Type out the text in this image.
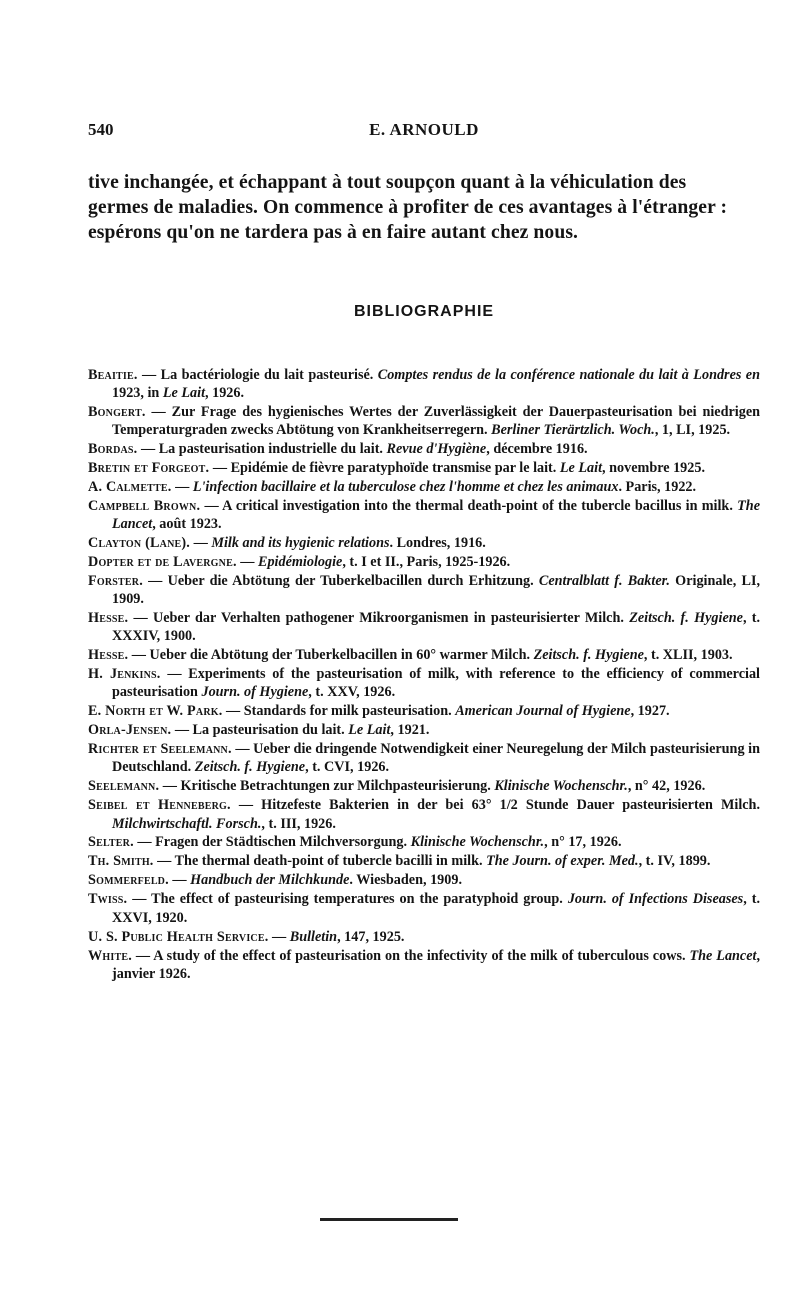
540	E. ARNOULD
tive inchangée, et échappant à tout soupçon quant à la véhiculation des
germes de maladies. On commence à profiter de ces avantages à l'étranger :
espérons qu'on ne tardera pas à en faire autant chez nous.
BIBLIOGRAPHIE
Beaitie. — La bactériologie du lait pasteurisé. Comptes rendus de la conférence nationale du lait à Londres en 1923, in Le Lait, 1926.
Bongert. — Zur Frage des hygienisches Wertes der Zuverlässigkeit der Dauerpasteurisation bei niedrigen Temperaturgraden zwecks Abtötung von Krankheitserregern. Berliner Tierärtzlich. Woch., 1, LI, 1925.
Bordas. — La pasteurisation industrielle du lait. Revue d'Hygiène, décembre 1916.
Bretin et Forgeot. — Epidémie de fièvre paratyphoïde transmise par le lait. Le Lait, novembre 1925.
A. Calmette. — L'infection bacillaire et la tuberculose chez l'homme et chez les animaux. Paris, 1922.
Campbell Brown. — A critical investigation into the thermal death-point of the tubercle bacillus in milk. The Lancet, août 1923.
Clayton (Lane). — Milk and its hygienic relations. Londres, 1916.
Dopter et de Lavergne. — Epidémiologie, t. I et II., Paris, 1925-1926.
Forster. — Ueber die Abtötung der Tuberkelbacillen durch Erhitzung. Centralblatt f. Bakter. Originale, LI, 1909.
Hesse. — Ueber dar Verhalten pathogener Mikroorganismen in pasteurisierter Milch. Zeitsch. f. Hygiene, t. XXXIV, 1900.
Hesse. — Ueber die Abtötung der Tuberkelbacillen in 60° warmer Milch. Zeitsch. f. Hygiene, t. XLII, 1903.
H. Jenkins. — Experiments of the pasteurisation of milk, with reference to the efficiency of commercial pasteurisation Journ. of Hygiene, t. XXV, 1926.
E. North et W. Park. — Standards for milk pasteurisation. American Journal of Hygiene, 1927.
Orla-Jensen. — La pasteurisation du lait. Le Lait, 1921.
Richter et Seelemann. — Ueber die dringende Notwendigkeit einer Neuregelung der Milch pasteurisierung in Deutschland. Zeitsch. f. Hygiene, t. CVI, 1926.
Seelemann. — Kritische Betrachtungen zur Milchpasteurisierung. Klinische Wochenschr., n° 42, 1926.
Seibel et Henneberg. — Hitzefeste Bakterien in der bei 63° 1/2 Stunde Dauer pasteurisierten Milch. Milchwirtschaftl. Forsch., t. III, 1926.
Selter. — Fragen der Städtischen Milchversorgung. Klinische Wochenschr., n° 17, 1926.
Th. Smith. — The thermal death-point of tubercle bacilli in milk. The Journ. of exper. Med., t. IV, 1899.
Sommerfeld. — Handbuch der Milchkunde. Wiesbaden, 1909.
Twiss. — The effect of pasteurising temperatures on the paratyphoid group. Journ. of Infections Diseases, t. XXVI, 1920.
U. S. Public Health Service. — Bulletin, 147, 1925.
White. — A study of the effect of pasteurisation on the infectivity of the milk of tuberculous cows. The Lancet, janvier 1926.
